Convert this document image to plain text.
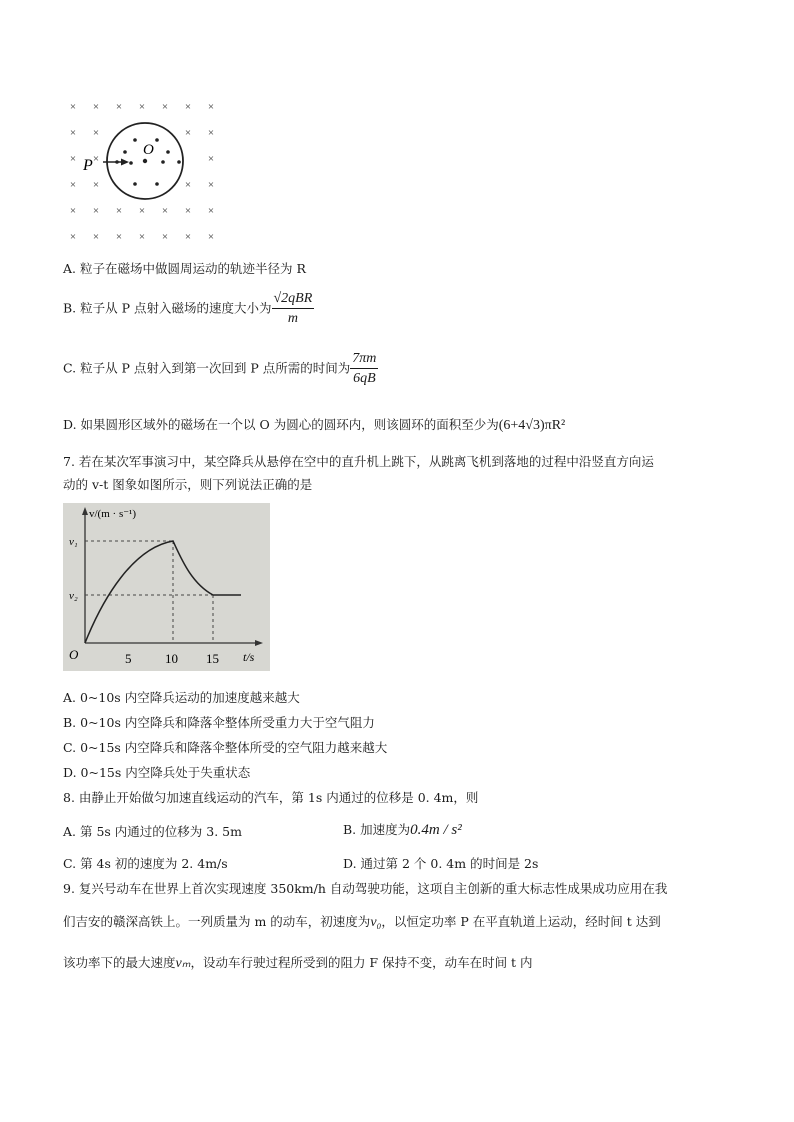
× × × × × × ×
× ×	× ×
× ×	×
× ×	× ×
× × × × × × ×
× × × × × × ×
P
O
A. 粒子在磁场中做圆周运动的轨迹半径为 R
B. 粒子从 P 点射入磁场的速度大小为 $\frac{\text{√2qBR}}{m}$
C. 粒子从 P 点射入到第一次回到 P 点所需的时间为 $\frac{7\pi m}{6qB}$
D. 如果圆形区域外的磁场在一个以 O 为圆心的圆环内，则该圆环的面积至少为(6+4√3)πR²
7. 若在某次军事演习中，某空降兵从悬停在空中的直升机上跳下，从跳离飞机到落地的过程中沿竖直方向运
动的 v-t 图象如图所示，则下列说法正确的是
v/(m · s⁻¹)
v₁
v₂
O	5	10 15 t/s
A. 0~10s 内空降兵运动的加速度越来越大
B. 0~10s 内空降兵和降落伞整体所受重力大于空气阻力
C. 0~15s 内空降兵和降落伞整体所受的空气阻力越来越大
D. 0~15s 内空降兵处于失重状态
8. 由静止开始做匀加速直线运动的汽车，第 1s 内通过的位移是 0. 4m，则
A. 第 5s 内通过的位移为 3. 5m	B. 加速度为0.4m / s²
C. 第 4s 初的速度为 2. 4m/s	D. 通过第 2 个 0. 4m 的时间是 2s
9. 复兴号动车在世界上首次实现速度 350km/h 自动驾驶功能，这项自主创新的重大标志性成果成功应用在我
们吉安的赣深高铁上。一列质量为 m 的动车，初速度为v₀，以恒定功率 P 在平直轨道上运动，经时间 t 达到
该功率下的最大速度vₘ，设动车行驶过程所受到的阻力 F 保持不变，动车在时间 t 内
